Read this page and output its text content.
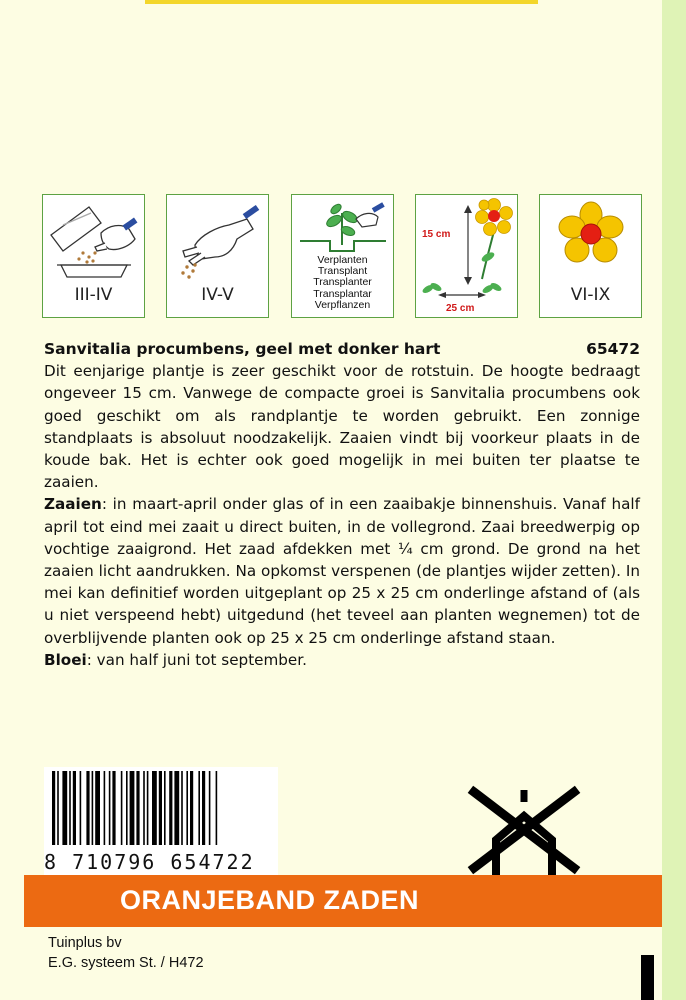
III-IV	IV-V
Verplanten
Transplant
Transplanter
Transplantar
Verpflanzen
15 cm
25 cm
VI-IX
Sanvitalia procumbens, geel met donker hart	65472

Dit eenjarige plantje is zeer geschikt voor de rotstuin. De hoogte bedraagt ongeveer 15 cm. Vanwege de compacte groei is Sanvitalia procumbens ook goed geschikt om als randplantje te worden gebruikt. Een zonnige standplaats is absoluut noodzakelijk. Zaaien vindt bij voorkeur plaats in de koude bak. Het is echter ook goed mogelijk in mei buiten ter plaatse te zaaien.

Zaaien: in maart-april onder glas of in een zaaibakje binnenshuis. Vanaf half april tot eind mei zaait u direct buiten, in de vollegrond. Zaai breedwerpig op vochtige zaaigrond. Het zaad afdekken met ¼ cm grond. De grond na het zaaien licht aandrukken. Na opkomst verspenen (de plantjes wijder zetten). In mei kan definitief worden uitgeplant op 25 x 25 cm onderlinge afstand of (als u niet verspeend hebt) uitgedund (het teveel aan planten wegnemen) tot de overblijvende planten ook op 25 x 25 cm onderlinge afstand staan.

Bloei: van half juni tot september.

8 710796 654722
ORANJEBAND ZADEN
Tuinplus bv
E.G. systeem St. / H472
